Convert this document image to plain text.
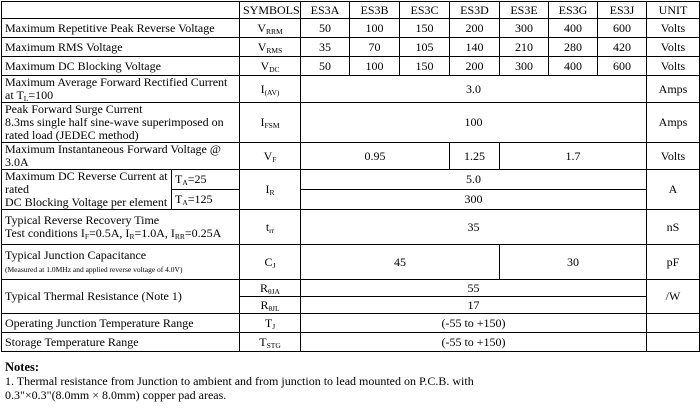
		SYMBOLS	ES3A	ES3B	ES3C	ES3D	ES3E	ES3G	ES3J	UNIT
Maximum Repetitive Peak Reverse Voltage		$V_{RRM}$	50	100	150	200	300	400	600	Volts
Maximum RMS Voltage		$V_{RMS}$	35	70	105	140	210	280	420	Volts
Maximum DC Blocking Voltage		$V_{DC}$	50	100	150	200	300	400	600	Volts
Maximum Average Forward Rectified Current
at $T_L=100$		$I_{(AV)}$	3.0							Amps
Peak Forward Surge Current
8.3ms single half sine-wave superimposed on
rated load (JEDEC method)		$I_{FSM}$	100							Amps
Maximum Instantaneous Forward Voltage @ 3.0A		$V_F$	0.95			1.25	1.7			Volts
Maximum DC Reverse Current at rated
DC Blocking Voltage per element	$T_A=25$	$I_R$	5.0							A
	$T_A=125$		300							
Typical Reverse Recovery Time
Test conditions $I_F=0.5A$, $I_R=1.0A$, $I_{RR}=0.25A$		$t_{rr}$	35							nS
Typical Junction Capacitance
(Measured at 1.0MHz and applied reverse voltage of 4.0V)		$C_J$	45				30			pF
Typical Thermal Resistance (Note 1)		$R_{\theta JA}$	55							/W
		$R_{\theta JL}$	17							
Operating Junction Temperature Range		$T_J$	(-55 to +150)							
Storage Temperature Range		$T_{STG}$	(-55 to +150)							
Notes:
1. Thermal resistance from Junction to ambient and from junction to lead mounted on P.C.B. with
0.3"×0.3"(8.0mm × 8.0mm) copper pad areas.
